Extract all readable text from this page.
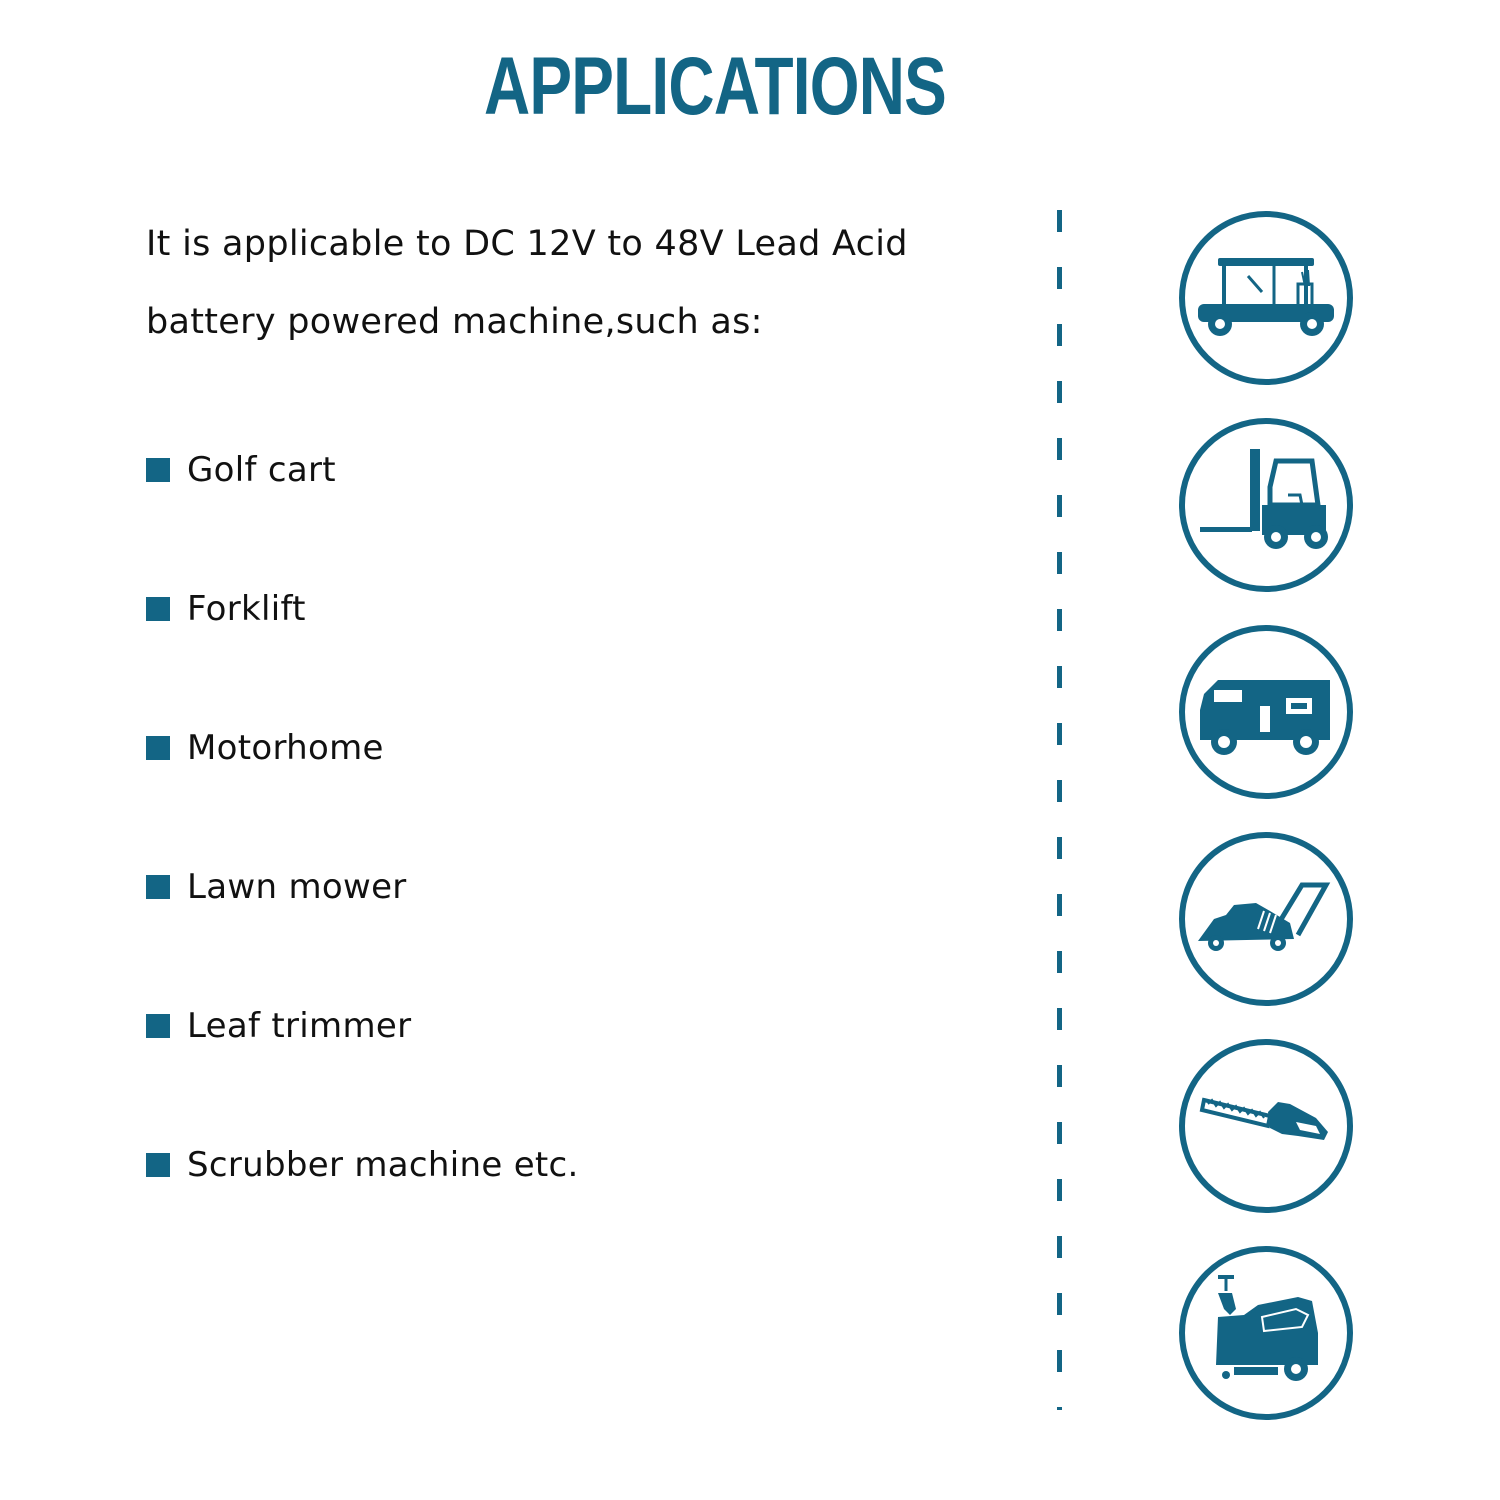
APPLICATIONS
It is applicable to DC 12V to 48V Lead Acid battery powered machine,such as:
Golf cart
Forklift
Motorhome
Lawn mower
Leaf trimmer
Scrubber machine etc.
